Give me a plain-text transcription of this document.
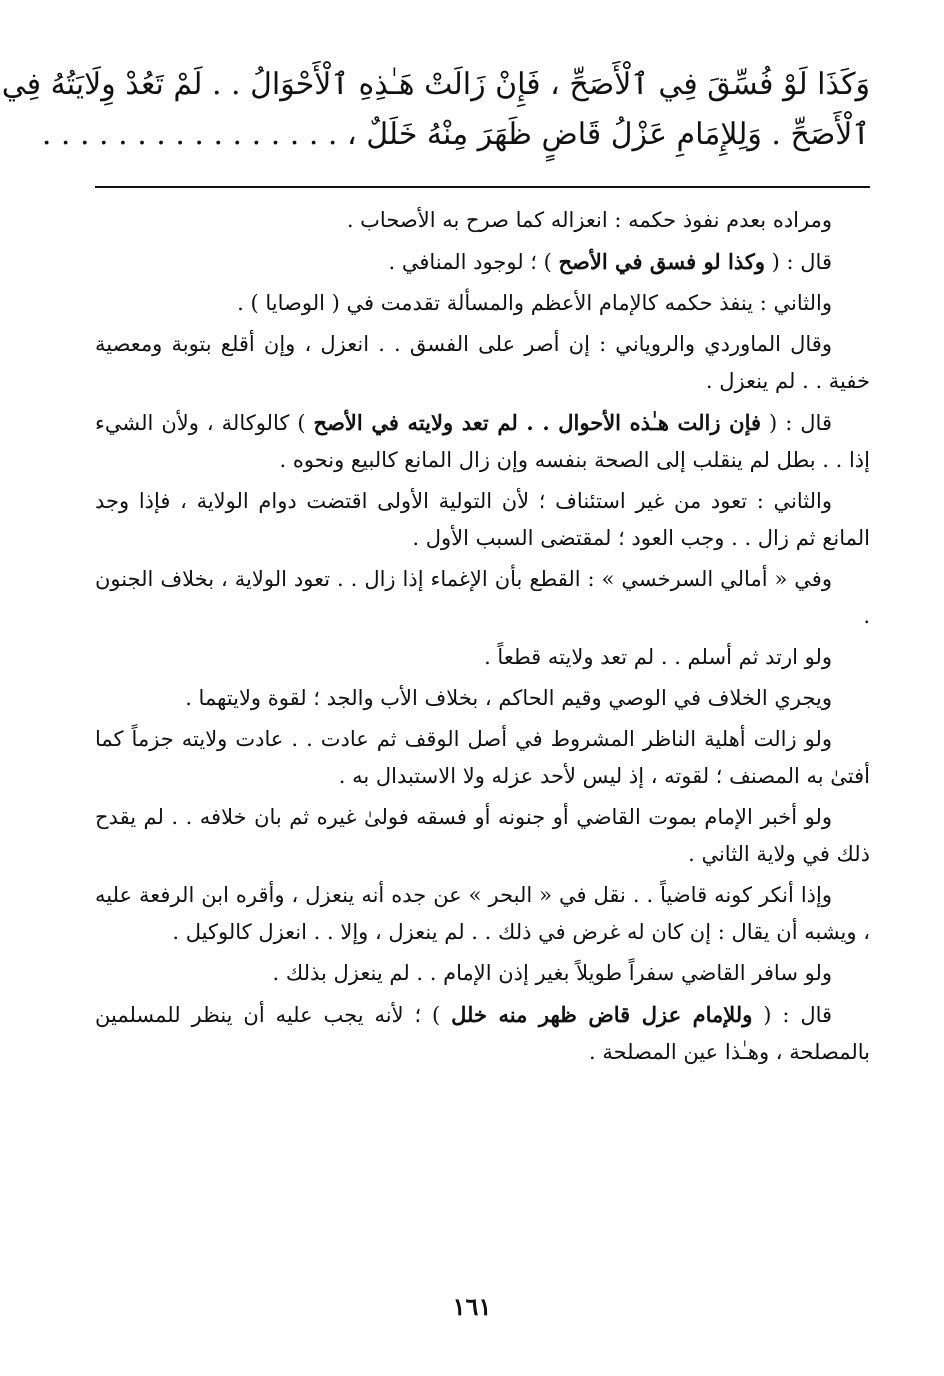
وَكَذَا لَوْ فُسِّقَ فِي ٱلْأَصَحِّ ، فَإِنْ زَالَتْ هَـٰذِهِ ٱلْأَحْوَالُ . . لَمْ تَعُدْ وِلَايَتُهُ فِي
ٱلْأَصَحِّ . وَلِلإِمَامِ عَزْلُ قَاضٍ ظَهَرَ مِنْهُ خَلَلٌ ، . . . . . . . . . . . . . . . .

ومراده بعدم نفوذ حكمه : انعزاله كما صرح به الأصحاب .

قال : ( وكذا لو فسق في الأصح ) ؛ لوجود المنافي .

والثاني : ينفذ حكمه كالإمام الأعظم والمسألة تقدمت في ( الوصايا ) .

وقال الماوردي والروياني : إن أصر على الفسق . . انعزل ، وإن أقلع بتوبة ومعصية خفية . . لم ينعزل .

قال : ( فإن زالت هـٰذه الأحوال . . لم تعد ولايته في الأصح ) كالوكالة ، ولأن الشيء إذا . . بطل لم ينقلب إلى الصحة بنفسه وإن زال المانع كالبيع ونحوه .

والثاني : تعود من غير استئناف ؛ لأن التولية الأولى اقتضت دوام الولاية ، فإذا وجد المانع ثم زال . . وجب العود ؛ لمقتضى السبب الأول .

وفي « أمالي السرخسي » : القطع بأن الإغماء إذا زال . . تعود الولاية ، بخلاف الجنون .

ولو ارتد ثم أسلم . . لم تعد ولايته قطعاً .

ويجري الخلاف في الوصي وقيم الحاكم ، بخلاف الأب والجد ؛ لقوة ولايتهما .

ولو زالت أهلية الناظر المشروط في أصل الوقف ثم عادت . . عادت ولايته جزماً كما أفتىٰ به المصنف ؛ لقوته ، إذ ليس لأحد عزله ولا الاستبدال به .

ولو أخبر الإمام بموت القاضي أو جنونه أو فسقه فولىٰ غيره ثم بان خلافه . . لم يقدح ذلك في ولاية الثاني .

وإذا أنكر كونه قاضياً . . نقل في « البحر » عن جده أنه ينعزل ، وأقره ابن الرفعة عليه ، ويشبه أن يقال : إن كان له غرض في ذلك . . لم ينعزل ، وإلا . . انعزل كالوكيل .

ولو سافر القاضي سفراً طويلاً بغير إذن الإمام . . لم ينعزل بذلك .

قال : ( وللإمام عزل قاض ظهر منه خلل ) ؛ لأنه يجب عليه أن ينظر للمسلمين بالمصلحة ، وهـٰذا عين المصلحة .

١٦١
